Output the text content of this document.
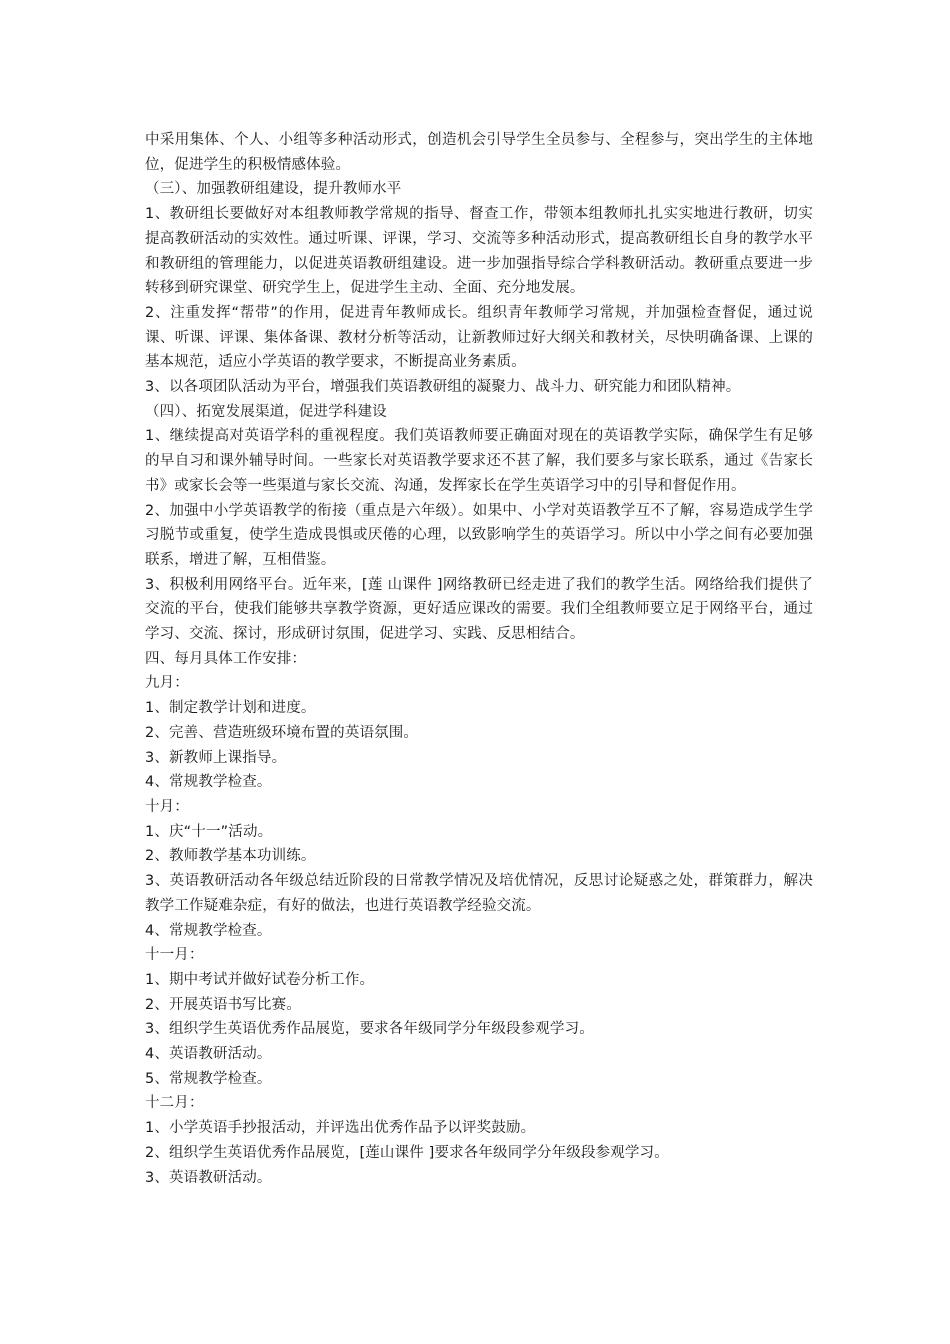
中采用集体、个人、小组等多种活动形式，创造机会引导学生全员参与、全程参与，突出学生的主体地位，促进学生的积极情感体验。

（三）、加强教研组建设，提升教师水平

1、教研组长要做好对本组教师教学常规的指导、督查工作，带领本组教师扎扎实实地进行教研，切实提高教研活动的实效性。通过听课、评课，学习、交流等多种活动形式，提高教研组长自身的教学水平和教研组的管理能力，以促进英语教研组建设。进一步加强指导综合学科教研活动。教研重点要进一步转移到研究课堂、研究学生上，促进学生主动、全面、充分地发展。

2、注重发挥“帮带”的作用，促进青年教师成长。组织青年教师学习常规，并加强检查督促，通过说课、听课、评课、集体备课、教材分析等活动，让新教师过好大纲关和教材关，尽快明确备课、上课的基本规范，适应小学英语的教学要求，不断提高业务素质。

3、以各项团队活动为平台，增强我们英语教研组的凝聚力、战斗力、研究能力和团队精神。

（四）、拓宽发展渠道，促进学科建设

1、继续提高对英语学科的重视程度。我们英语教师要正确面对现在的英语教学实际，确保学生有足够的早自习和课外辅导时间。一些家长对英语教学要求还不甚了解，我们要多与家长联系，通过《告家长书》或家长会等一些渠道与家长交流、沟通，发挥家长在学生英语学习中的引导和督促作用。

2、加强中小学英语教学的衔接（重点是六年级）。如果中、小学对英语教学互不了解，容易造成学生学习脱节或重复，使学生造成畏惧或厌倦的心理，以致影响学生的英语学习。所以中小学之间有必要加强联系，增进了解，互相借鉴。

3、积极利用网络平台。近年来，[莲 山课件 ]网络教研已经走进了我们的教学生活。网络给我们提供了交流的平台，使我们能够共享教学资源，更好适应课改的需要。我们全组教师要立足于网络平台，通过学习、交流、探讨，形成研讨氛围，促进学习、实践、反思相结合。

四、每月具体工作安排：

九月：

1、制定教学计划和进度。

2、完善、营造班级环境布置的英语氛围。

3、新教师上课指导。

4、常规教学检查。

十月：

1、庆“十一”活动。

2、教师教学基本功训练。

3、英语教研活动各年级总结近阶段的日常教学情况及培优情况，反思讨论疑惑之处，群策群力，解决教学工作疑难杂症，有好的做法，也进行英语教学经验交流。

4、常规教学检查。

十一月：

1、期中考试并做好试卷分析工作。

2、开展英语书写比赛。

3、组织学生英语优秀作品展览，要求各年级同学分年级段参观学习。

4、英语教研活动。

5、常规教学检查。

十二月：

1、小学英语手抄报活动，并评选出优秀作品予以评奖鼓励。

2、组织学生英语优秀作品展览，[莲山课件 ]要求各年级同学分年级段参观学习。

3、英语教研活动。
